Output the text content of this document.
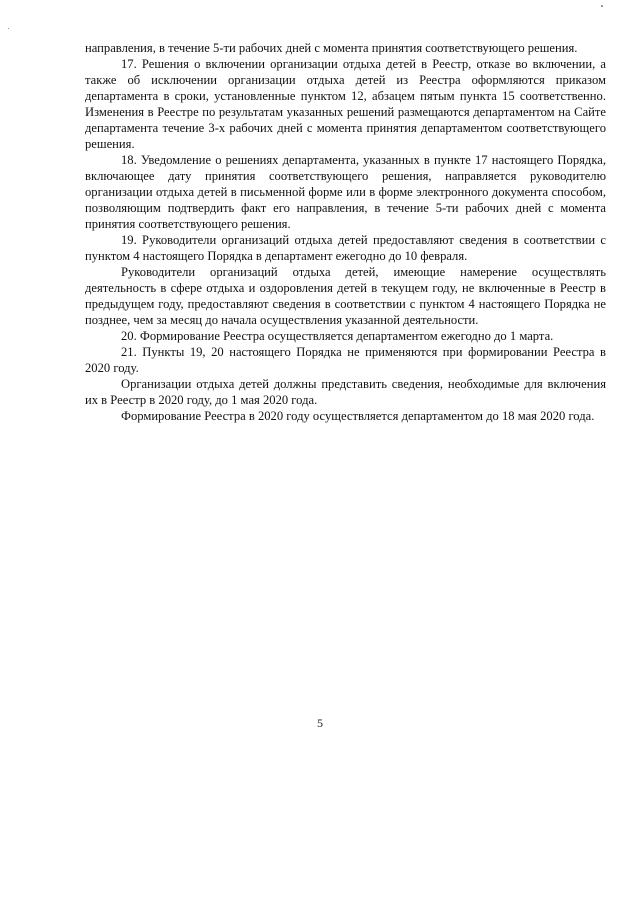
направления, в течение 5-ти рабочих дней с момента принятия соответствующего решения.

17. Решения о включении организации отдыха детей в Реестр, отказе во включении, а также об исключении организации отдыха детей из Реестра оформляются приказом департамента в сроки, установленные пунктом 12, абзацем пятым пункта 15 соответственно. Изменения в Реестре по результатам указанных решений размещаются департаментом на Сайте департамента течение 3-х рабочих дней с момента принятия департаментом соответствующего решения.

18. Уведомление о решениях департамента, указанных в пункте 17 настоящего Порядка, включающее дату принятия соответствующего решения, направляется руководителю организации отдыха детей в письменной форме или в форме электронного документа способом, позволяющим подтвердить факт его направления, в течение 5-ти рабочих дней с момента принятия соответствующего решения.

19. Руководители организаций отдыха детей предоставляют сведения в соответствии с пунктом 4 настоящего Порядка в департамент ежегодно до 10 февраля.

Руководители организаций отдыха детей, имеющие намерение осуществлять деятельность в сфере отдыха и оздоровления детей в текущем году, не включенные в Реестр в предыдущем году, предоставляют сведения в соответствии с пунктом 4 настоящего Порядка не позднее, чем за месяц до начала осуществления указанной деятельности.

20. Формирование Реестра осуществляется департаментом ежегодно до 1 марта.

21. Пункты 19, 20 настоящего Порядка не применяются при формировании Реестра в 2020 году.

Организации отдыха детей должны представить сведения, необходимые для включения их в Реестр в 2020 году, до 1 мая 2020 года.

Формирование Реестра в 2020 году осуществляется департаментом до 18 мая 2020 года.

5
